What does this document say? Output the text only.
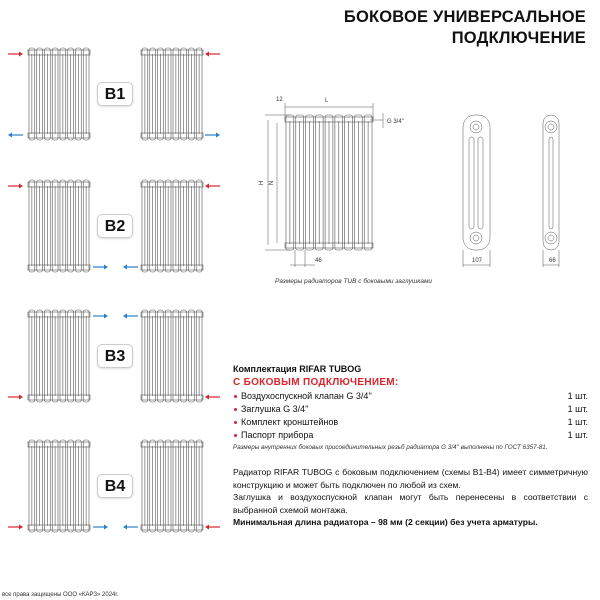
БОКОВОЕ УНИВЕРСАЛЬНОЕ
ПОДКЛЮЧЕНИЕ
B1
B2
B3
B4
12	L
G 3/4''
H N
46	107	66
Размеры радиаторов TUB с боковыми заглушками
Комплектация RIFAR TUBOG
С БОКОВЫМ ПОДКЛЮЧЕНИЕМ:
Воздухоспускной клапан G 3/4''	1 шт.
Заглушка G 3/4''	1 шт.
Комплект кронштейнов	1 шт.
Паспорт прибора	1 шт.
Размеры внутренних боковых присоединительных резьб радиатора G 3/4'' выполнены по ГОСТ 6357-81.
Радиатор RIFAR TUBOG с боковым подключением (схемы B1-B4) имеет симметричную конструкцию и может быть подключен по любой из схем.
Заглушка и воздухоспускной клапан могут быть перенесены в соответствии с выбранной схемой монтажа.
Минимальная длина радиатора – 98 мм (2 секции) без учета арматуры.
все права защищены ООО «КАРЗ» 2024г.
